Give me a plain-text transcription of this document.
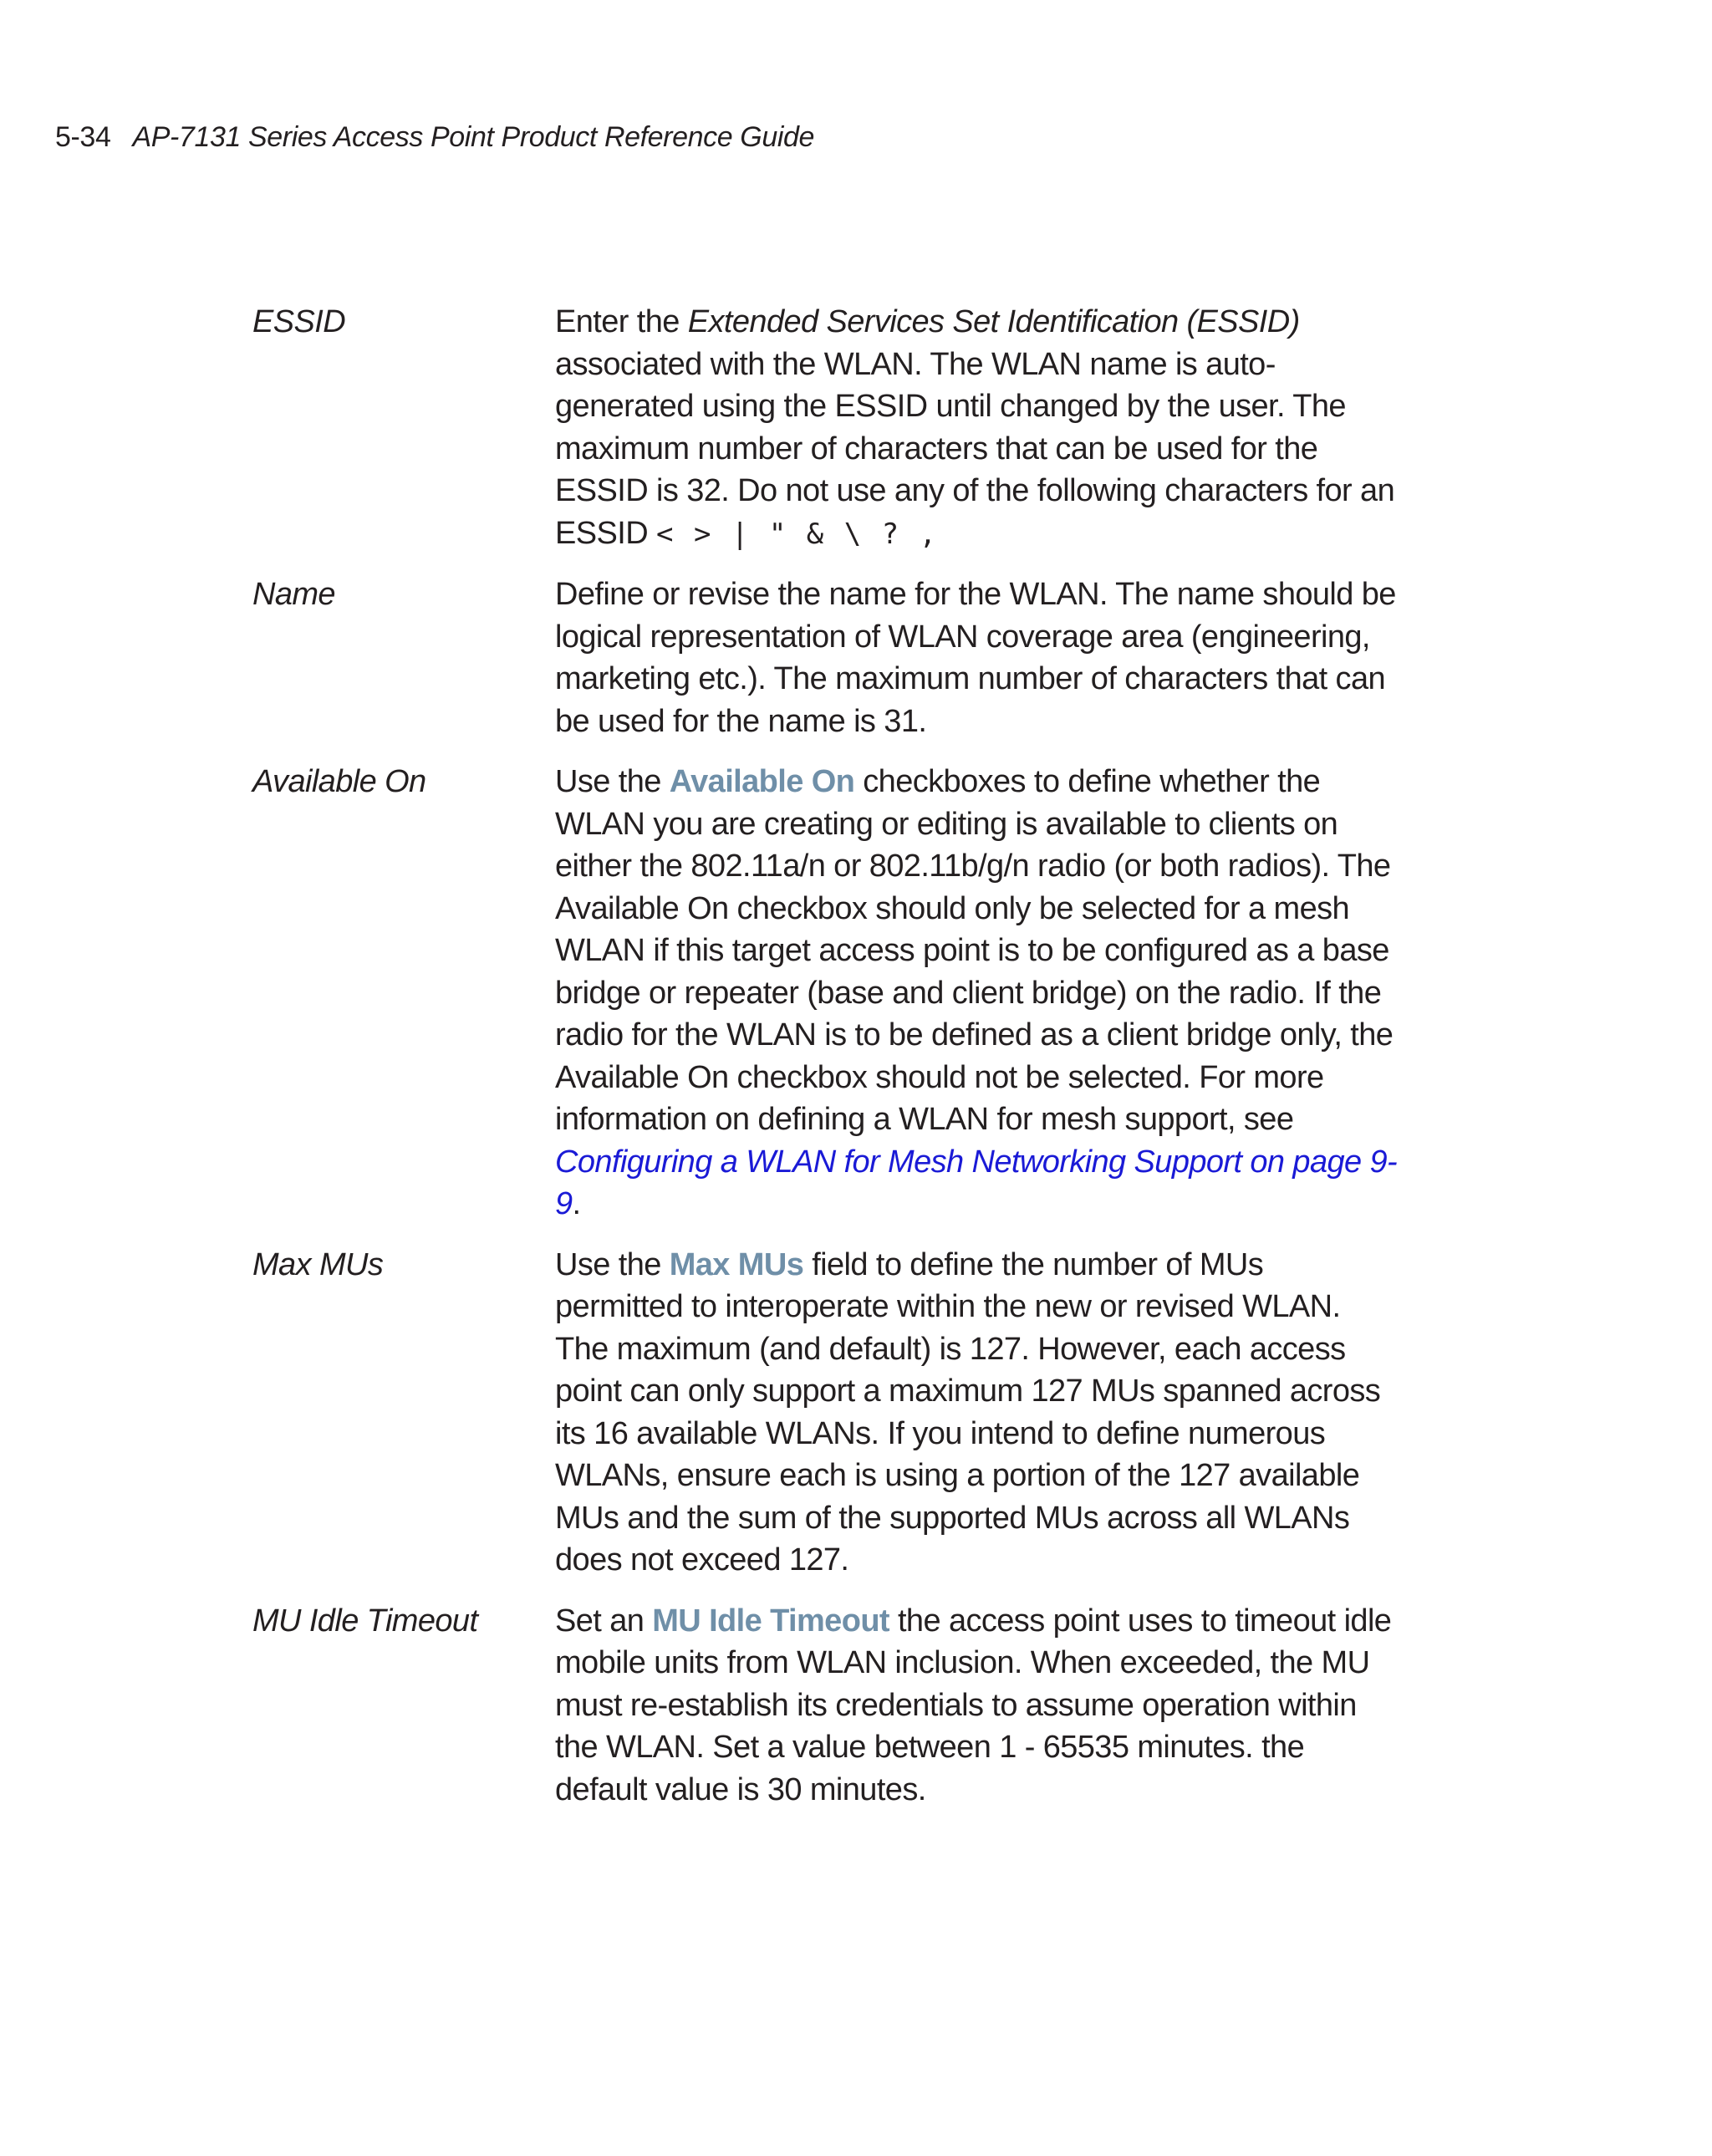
5-34 AP-7131 Series Access Point Product Reference Guide
ESSID	Enter the Extended Services Set Identification (ESSID) associated with the WLAN. The WLAN name is auto-generated using the ESSID until changed by the user. The maximum number of characters that can be used for the ESSID is 32. Do not use any of the following characters for an ESSID < > | " & \ ? ,
Name	Define or revise the name for the WLAN. The name should be logical representation of WLAN coverage area (engineering, marketing etc.). The maximum number of characters that can be used for the name is 31.
Available On	Use the Available On checkboxes to define whether the WLAN you are creating or editing is available to clients on either the 802.11a/n or 802.11b/g/n radio (or both radios). The Available On checkbox should only be selected for a mesh WLAN if this target access point is to be configured as a base bridge or repeater (base and client bridge) on the radio. If the radio for the WLAN is to be defined as a client bridge only, the Available On checkbox should not be selected. For more information on defining a WLAN for mesh support, see Configuring a WLAN for Mesh Networking Support on page 9-9.
Max MUs	Use the Max MUs field to define the number of MUs permitted to interoperate within the new or revised WLAN. The maximum (and default) is 127. However, each access point can only support a maximum 127 MUs spanned across its 16 available WLANs. If you intend to define numerous WLANs, ensure each is using a portion of the 127 available MUs and the sum of the supported MUs across all WLANs does not exceed 127.
MU Idle Timeout	Set an MU Idle Timeout the access point uses to timeout idle mobile units from WLAN inclusion. When exceeded, the MU must re-establish its credentials to assume operation within the WLAN. Set a value between 1 - 65535 minutes. the default value is 30 minutes.
